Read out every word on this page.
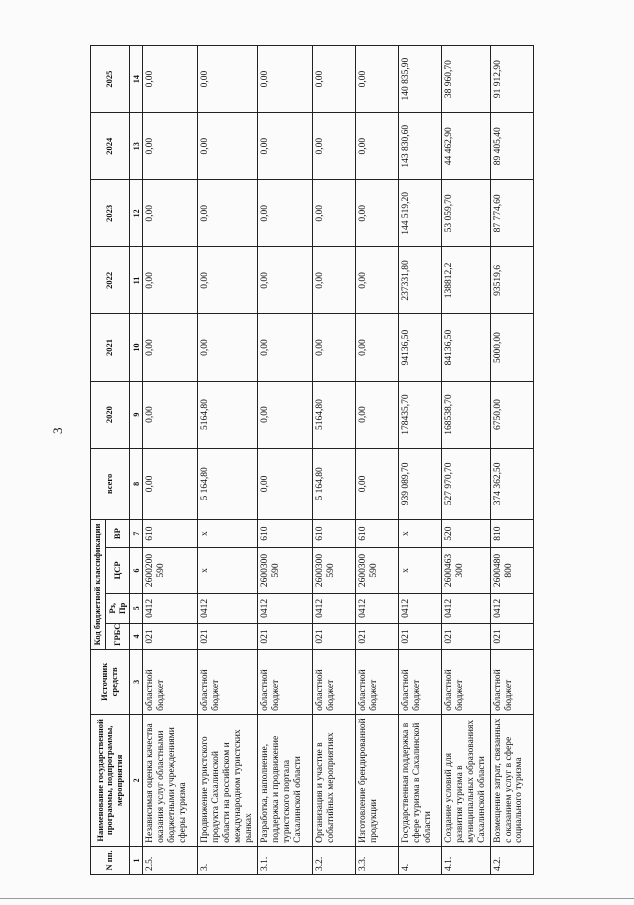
3
N пп.	Наименование государственной программы, подпрограммы, мероприятия	Источник средств	Код бюджетной классификации				всего	2020	2021	2022	2023	2024	2025
			ГРБС	Рз, Пр	ЦСР	ВР							
1	2	3	4	5	6	7	8	9	10	11	12	13	14
2.5.	Независимая оценка качества оказания услуг областными бюджетными учреждениями сферы туризма	областной бюджет	021	0412	2600200 590	610	0,00	0,00	0,00	0,00	0,00	0,00	0,00
3.	Продвижение туристского продукта Сахалинской области на российском и международном туристских рынках	областной бюджет	021	0412	x	x	5 164,80	5164,80	0,00	0,00	0,00	0,00	0,00
3.1.	Разработка, наполнение, поддержка и продвижение туристского портала Сахалинской области	областной бюджет	021	0412	2600300 590	610	0,00	0,00	0,00	0,00	0,00	0,00	0,00
3.2.	Организация и участие в событийных мероприятиях	областной бюджет	021	0412	2600300 590	610	5 164,80	5164,80	0,00	0,00	0,00	0,00	0,00
3.3.	Изготовление брендированной продукции	областной бюджет	021	0412	2600300 590	610	0,00	0,00	0,00	0,00	0,00	0,00	0,00
4.	Государственная поддержка в сфере туризма в Сахалинской области	областной бюджет	021	0412	x	x	939 089,70	178435,70	94136,50	237331,80	144 519,20	143 830,60	140 835,90
4.1.	Создание условий для развития туризма в муниципальных образованиях Сахалинской области	областной бюджет	021	0412	2600463 300	520	527 970,70	168538,70	84136,50	138812,2	53 059,70	44 462,90	38 960,70
4.2.	Возмещение затрат, связанных с оказанием услуг в сфере социального туризма	областной бюджет	021	0412	2600480 800	810	374 362,50	6750,00	5000,00	93519,6	87 774,60	89 405,40	91 912,90
